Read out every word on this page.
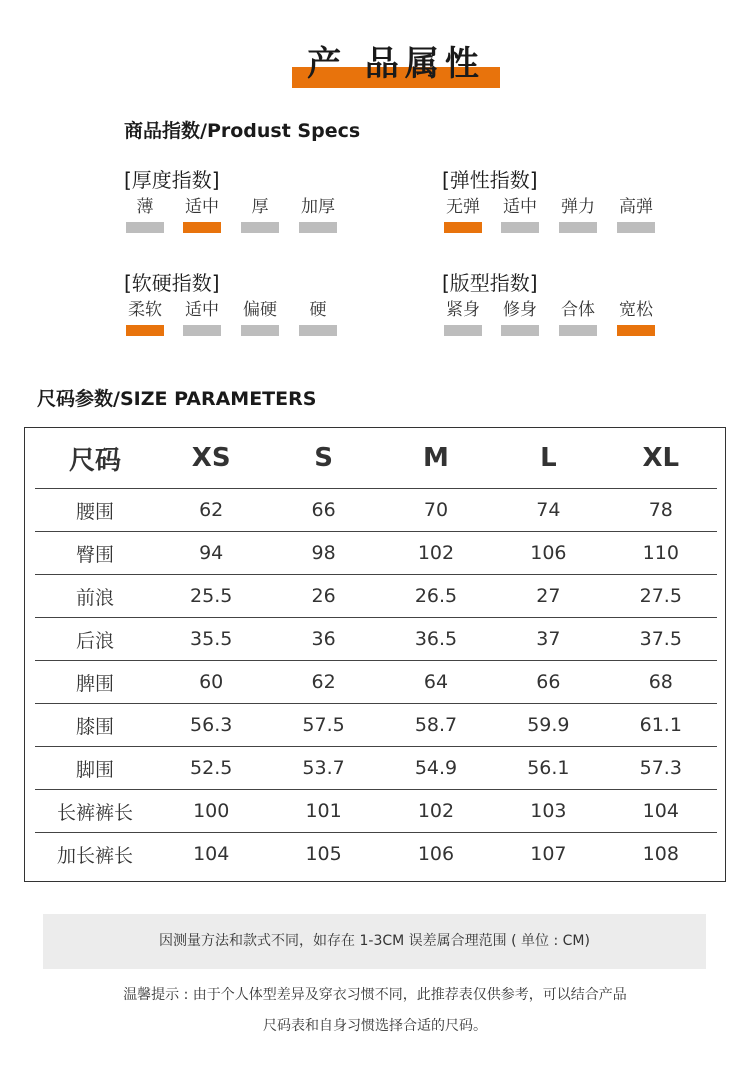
产 品属性
商品指数/Produst Specs
[厚度指数]
薄	适中	厚	加厚
[弹性指数]
无弹 适中 弹力 高弹
[软硬指数]
柔软 适中 偏硬	硬
[版型指数]
紧身 修身 合体 宽松
尺码参数/SIZE PARAMETERS
尺码	XS	S	M	L	XL
腰围	62	66	70	74	78
臀围	94	98	102	106	110
前浪	25.5	26	26.5	27	27.5
后浪	35.5	36	36.5	37	37.5
脾围	60	62	64	66	68
膝围	56.3	57.5	58.7	59.9	61.1
脚围	52.5	53.7	54.9	56.1	57.3
长裤裤长	100	101	102	103	104
加长裤长	104	105	106	107	108
因测量方法和款式不同，如存在 1-3CM 误差属合理范围 ( 单位 : CM)
温馨提示 : 由于个人体型差异及穿衣习惯不同，此推荐表仅供参考，可以结合产品
尺码表和自身习惯选择合适的尺码。
